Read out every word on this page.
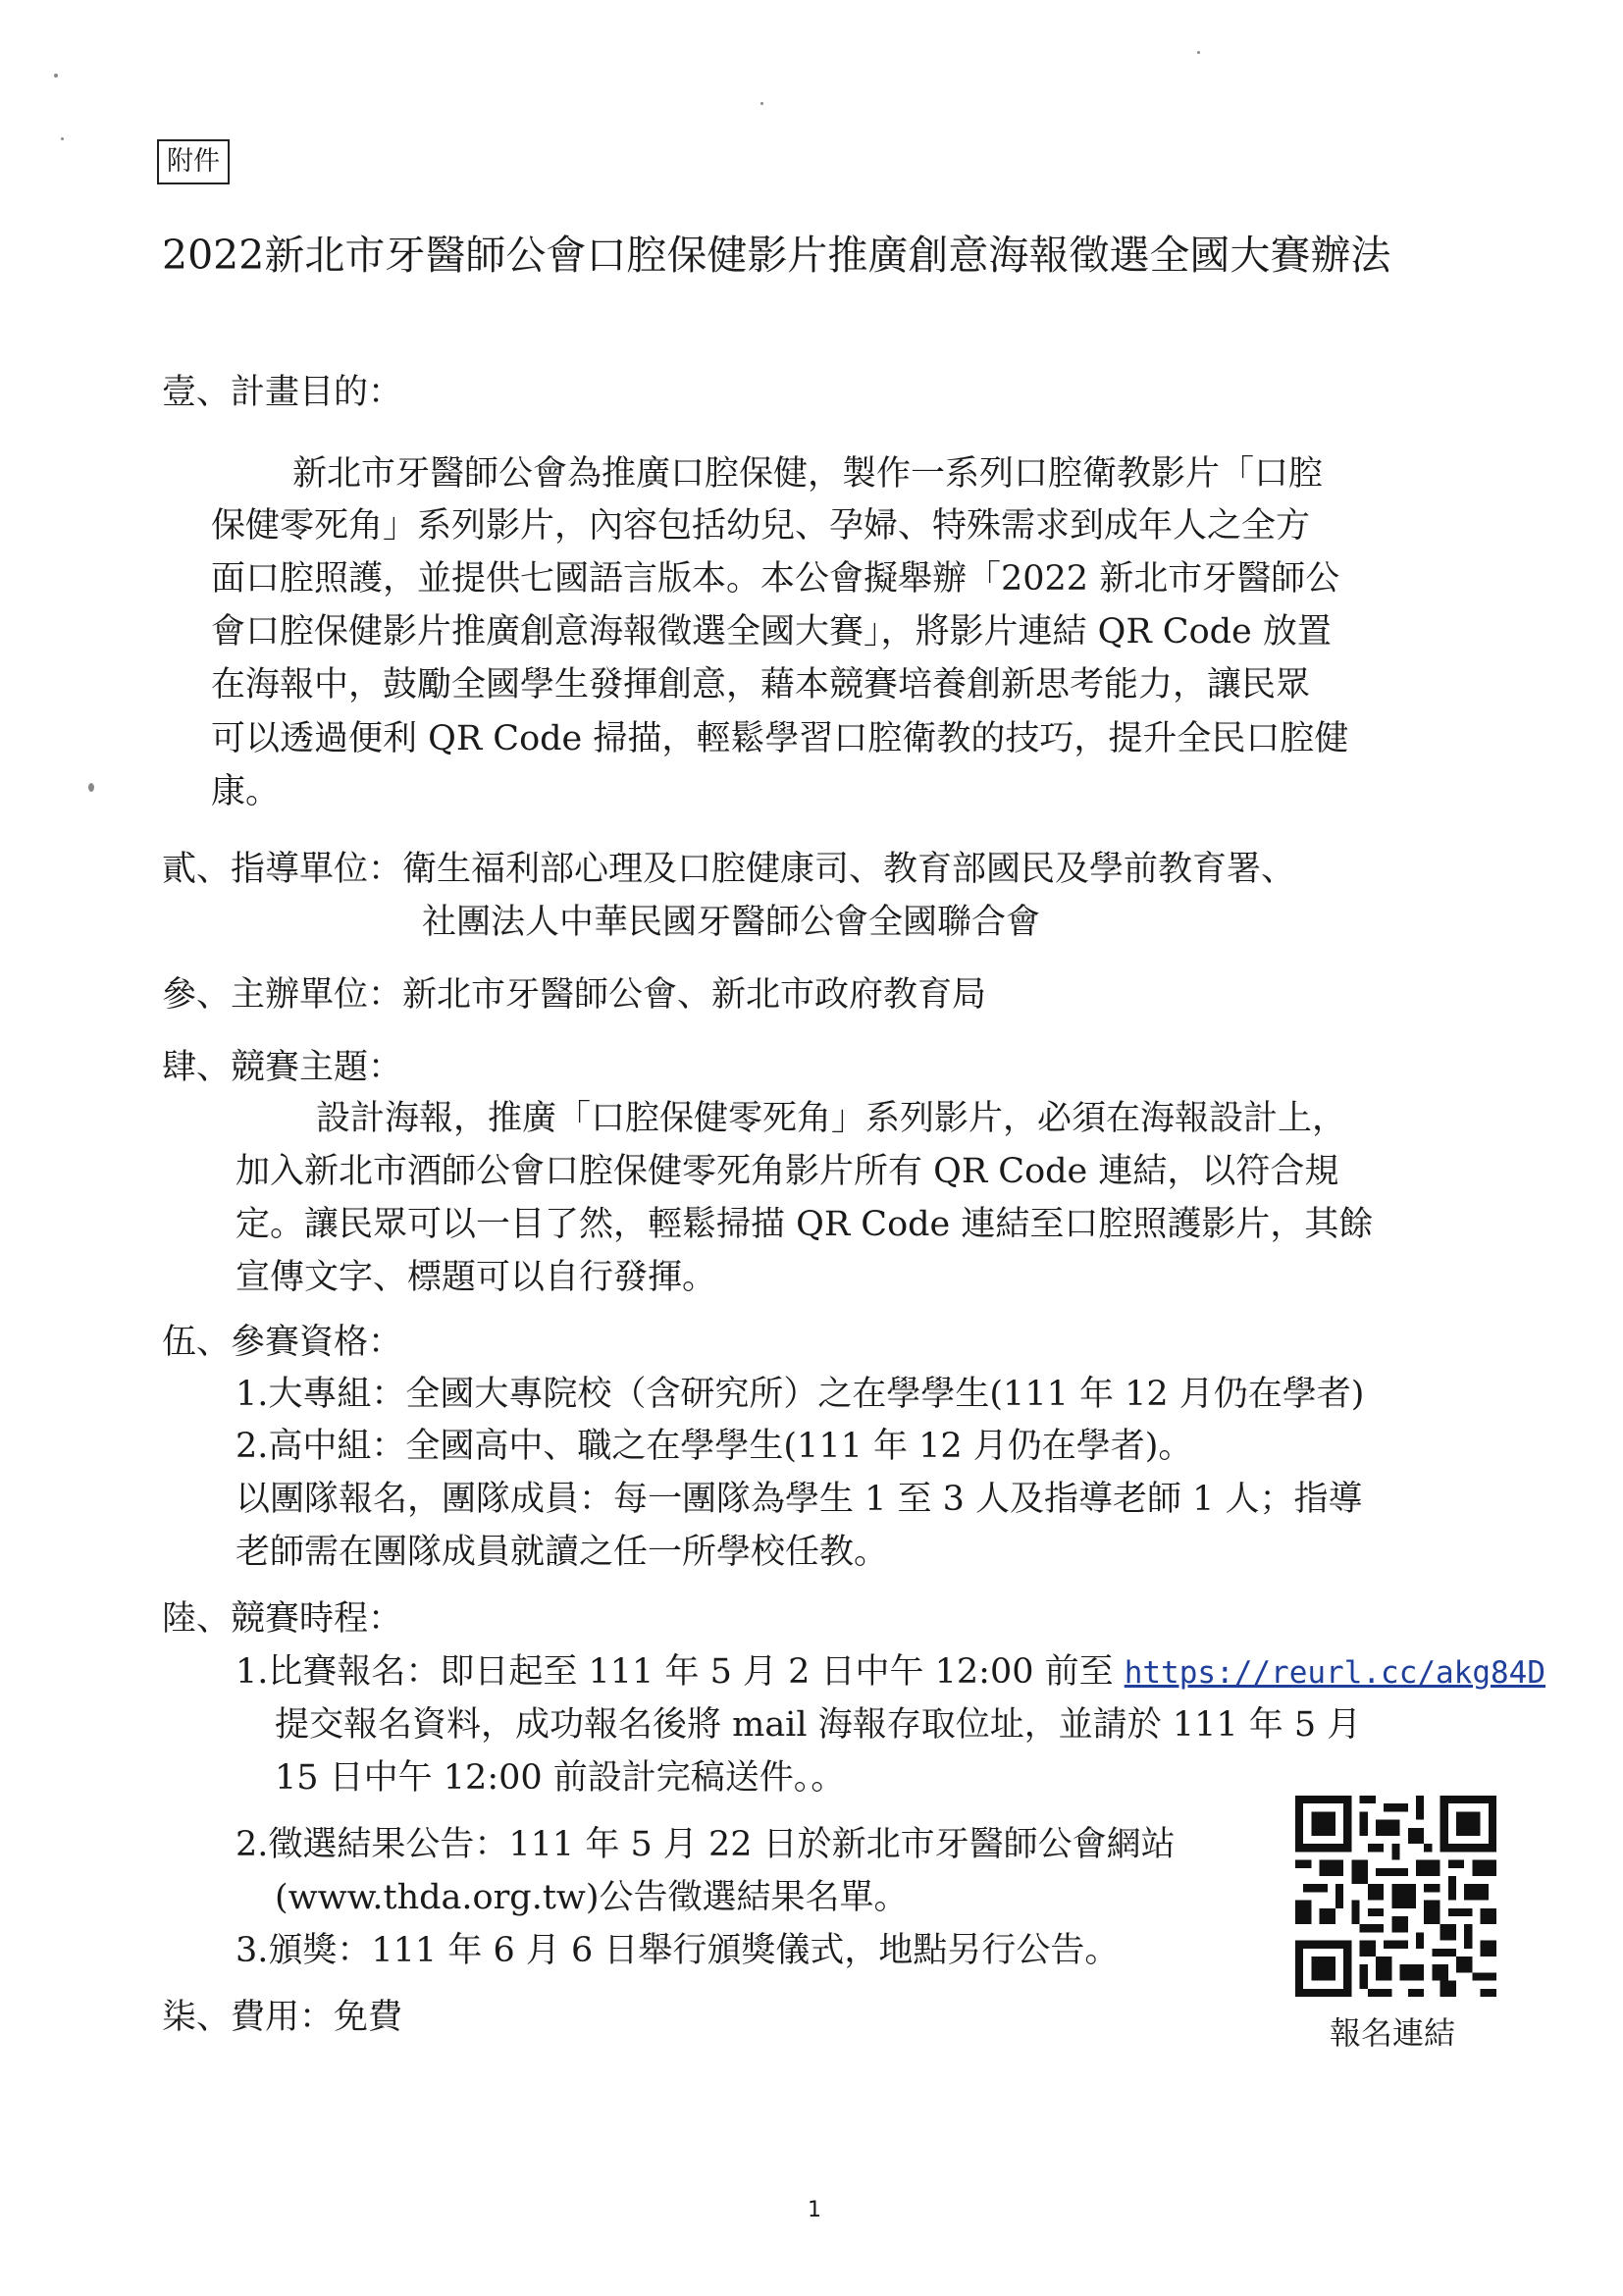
附件
2022新北市牙醫師公會口腔保健影片推廣創意海報徵選全國大賽辦法
壹、計畫目的：
新北市牙醫師公會為推廣口腔保健，製作一系列口腔衛教影片「口腔
保健零死角」系列影片，內容包括幼兒、孕婦、特殊需求到成年人之全方
面口腔照護，並提供七國語言版本。本公會擬舉辦「2022 新北市牙醫師公
會口腔保健影片推廣創意海報徵選全國大賽」，將影片連結 QR Code 放置
在海報中，鼓勵全國學生發揮創意，藉本競賽培養創新思考能力，讓民眾
可以透過便利 QR Code 掃描，輕鬆學習口腔衛教的技巧，提升全民口腔健
康。
貳、指導單位：衛生福利部心理及口腔健康司、教育部國民及學前教育署、
社團法人中華民國牙醫師公會全國聯合會
參、主辦單位：新北市牙醫師公會、新北市政府教育局
肆、競賽主題：
設計海報，推廣「口腔保健零死角」系列影片，必須在海報設計上，
加入新北市酒師公會口腔保健零死角影片所有 QR Code 連結，以符合規
定。讓民眾可以一目了然，輕鬆掃描 QR Code 連結至口腔照護影片，其餘
宣傳文字、標題可以自行發揮。
伍、參賽資格：
1.大專組：全國大專院校（含研究所）之在學學生(111 年 12 月仍在學者)
2.高中組：全國高中、職之在學學生(111 年 12 月仍在學者)。
以團隊報名，團隊成員：每一團隊為學生 1 至 3 人及指導老師 1 人；指導
老師需在團隊成員就讀之任一所學校任教。
陸、競賽時程：
1.比賽報名：即日起至 111 年 5 月 2 日中午 12:00 前至 https://reurl.cc/akg84D
提交報名資料，成功報名後將 mail 海報存取位址，並請於 111 年 5 月
15 日中午 12:00 前設計完稿送件。。
2.徵選結果公告：111 年 5 月 22 日於新北市牙醫師公會網站
(www.thda.org.tw)公告徵選結果名單。
3.頒獎：111 年 6 月 6 日舉行頒獎儀式，地點另行公告。
柒、費用：免費	報名連結
1
